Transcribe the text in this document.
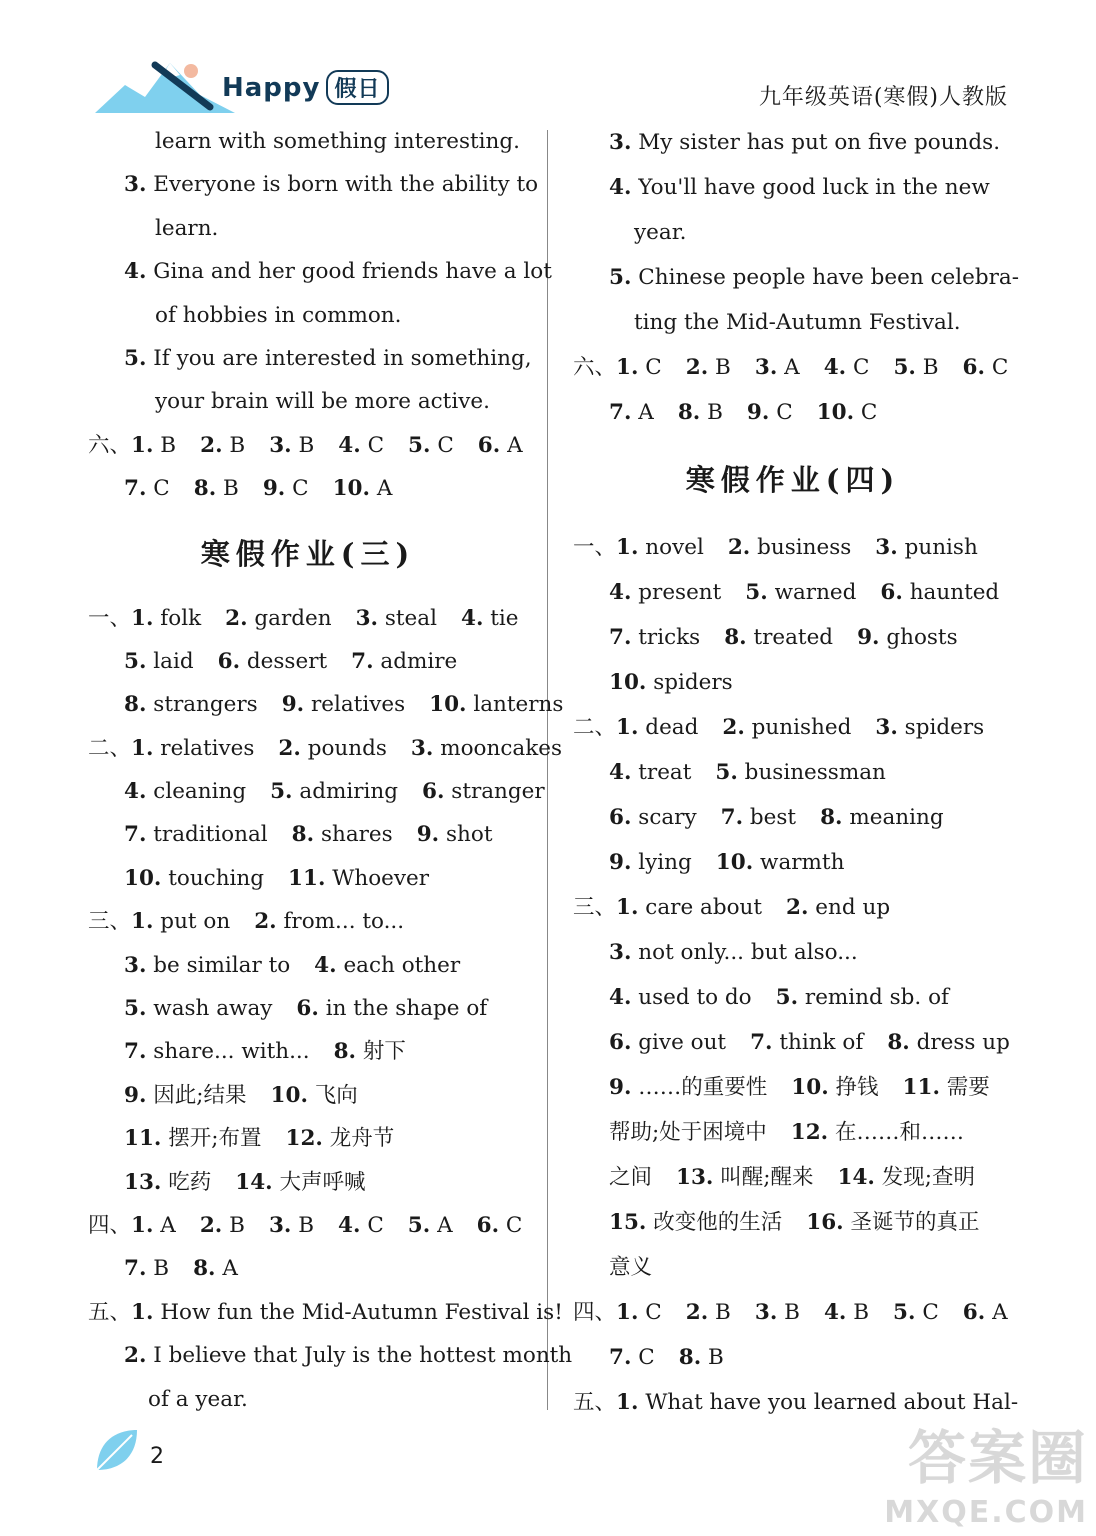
Happy 假日	九年级英语(寒假)人教版
learn with something interesting.
3. Everyone is born with the ability to
learn.
4. Gina and her good friends have a lot
of hobbies in common.
5. If you are interested in something,
your brain will be more active.
六、1. B 2. B 3. B 4. C 5. C 6. A
7. C 8. B 9. C 10. A
寒假作业(三)
一、1. folk 2. garden 3. steal 4. tie
5. laid 6. dessert 7. admire
8. strangers 9. relatives 10. lanterns
二、1. relatives 2. pounds 3. mooncakes
4. cleaning 5. admiring 6. stranger
7. traditional 8. shares 9. shot
10. touching 11. Whoever
三、1. put on 2. from... to...
3. be similar to 4. each other
5. wash away 6. in the shape of
7. share... with... 8. 射下
9. 因此;结果 10. 飞向
11. 摆开;布置 12. 龙舟节
13. 吃药 14. 大声呼喊
四、1. A 2. B 3. B 4. C 5. A 6. C
7. B 8. A
五、1. How fun the Mid-Autumn Festival is!
2. I believe that July is the hottest month
of a year.
3. My sister has put on five pounds.
4. You'll have good luck in the new
year.
5. Chinese people have been celebra-
ting the Mid-Autumn Festival.
六、1. C 2. B 3. A 4. C 5. B 6. C
7. A 8. B 9. C 10. C
寒假作业(四)
一、1. novel 2. business 3. punish
4. present 5. warned 6. haunted
7. tricks 8. treated 9. ghosts
10. spiders
二、1. dead 2. punished 3. spiders
4. treat 5. businessman
6. scary 7. best 8. meaning
9. lying 10. warmth
三、1. care about 2. end up
3. not only... but also...
4. used to do 5. remind sb. of
6. give out 7. think of 8. dress up
9. ……的重要性 10. 挣钱 11. 需要
帮助;处于困境中 12. 在……和……
之间 13. 叫醒;醒来 14. 发现;查明
15. 改变他的生活 16. 圣诞节的真正
意义
四、1. C 2. B 3. B 4. B 5. C 6. A
7. C 8. B
五、1. What have you learned about Hal-
2	答案圈
MXQE.COM
